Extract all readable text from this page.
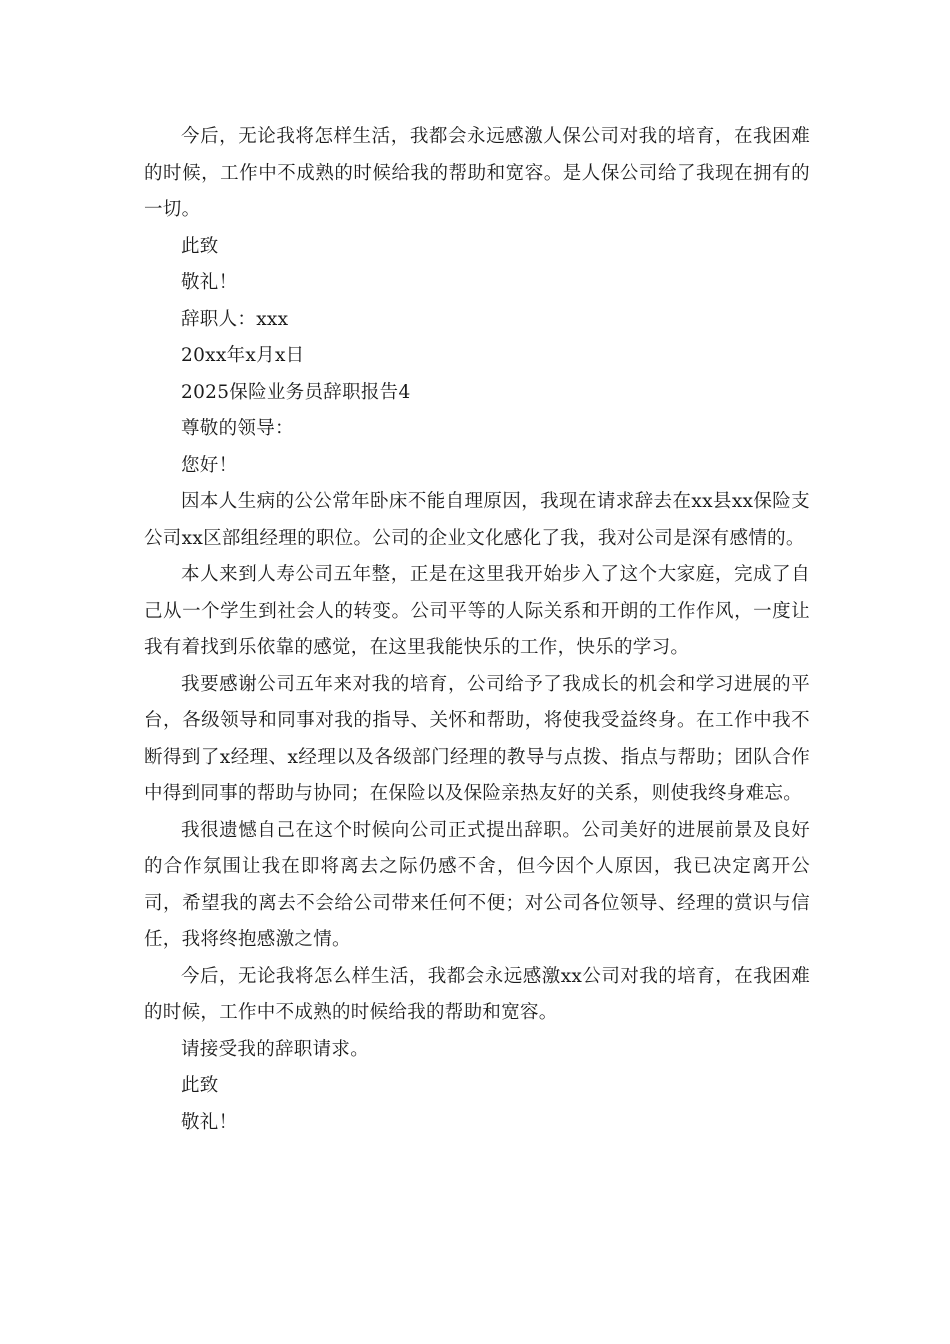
今后，无论我将怎样生活，我都会永远感激人保公司对我的培育，在我困难的时候，工作中不成熟的时候给我的帮助和宽容。是人保公司给了我现在拥有的一切。

此致

敬礼！

辞职人：xxx

20xx年x月x日

2025保险业务员辞职报告4

尊敬的领导：

您好！

因本人生病的公公常年卧床不能自理原因，我现在请求辞去在xx县xx保险支公司xx区部组经理的职位。公司的企业文化感化了我，我对公司是深有感情的。

本人来到人寿公司五年整，正是在这里我开始步入了这个大家庭，完成了自己从一个学生到社会人的转变。公司平等的人际关系和开朗的工作作风，一度让我有着找到乐依靠的感觉，在这里我能快乐的工作，快乐的学习。

我要感谢公司五年来对我的培育，公司给予了我成长的机会和学习进展的平台，各级领导和同事对我的指导、关怀和帮助，将使我受益终身。在工作中我不断得到了x经理、x经理以及各级部门经理的教导与点拨、指点与帮助；团队合作中得到同事的帮助与协同；在保险以及保险亲热友好的关系，则使我终身难忘。

我很遗憾自己在这个时候向公司正式提出辞职。公司美好的进展前景及良好的合作氛围让我在即将离去之际仍感不舍，但今因个人原因，我已决定离开公司，希望我的离去不会给公司带来任何不便；对公司各位领导、经理的赏识与信任，我将终抱感激之情。

今后，无论我将怎么样生活，我都会永远感激xx公司对我的培育，在我困难的时候，工作中不成熟的时候给我的帮助和宽容。

请接受我的辞职请求。

此致

敬礼！
